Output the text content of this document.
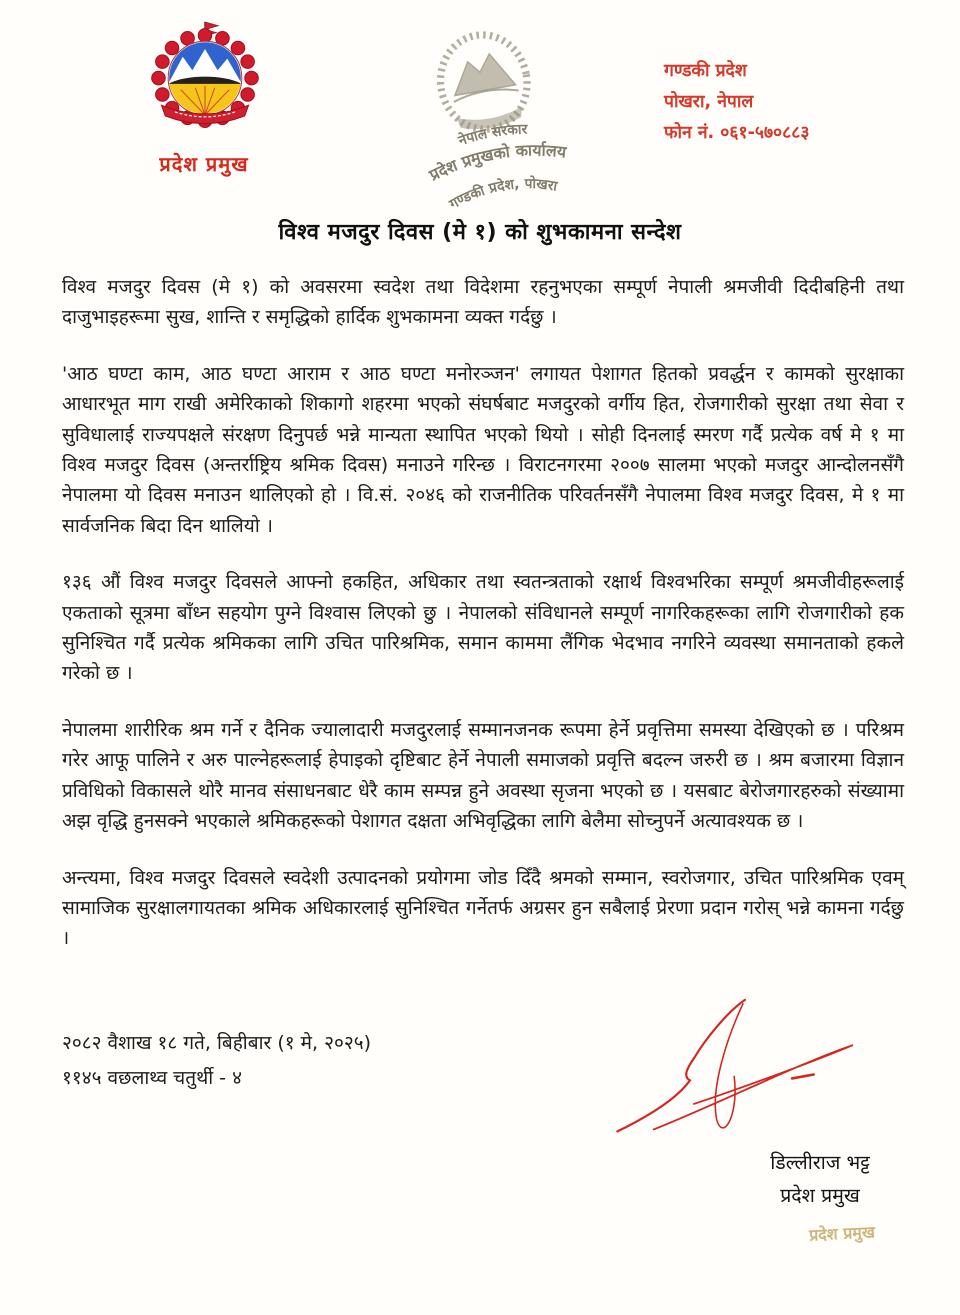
प्रदेश प्रमुख
नेपाल सरकार
प्रदेश प्रमुखको कार्यालय
गण्डकी प्रदेश, पोखरा
गण्डकी प्रदेश
पोखरा, नेपाल
फोन नं. ०६१-५७०८८३
विश्व मजदुर दिवस (मे १) को शुभकामना सन्देश

विश्व मजदुर दिवस (मे १) को अवसरमा स्वदेश तथा विदेशमा रहनुभएका सम्पूर्ण नेपाली श्रमजीवी दिदीबहिनी तथा दाजुभाइहरूमा सुख, शान्ति र समृद्धिको हार्दिक शुभकामना व्यक्त गर्दछु ।

'आठ घण्टा काम, आठ घण्टा आराम र आठ घण्टा मनोरञ्जन' लगायत पेशागत हितको प्रवर्द्धन र कामको सुरक्षाका आधारभूत माग राखी अमेरिकाको शिकागो शहरमा भएको संघर्षबाट मजदुरको वर्गीय हित, रोजगारीको सुरक्षा तथा सेवा र सुविधालाई राज्यपक्षले संरक्षण दिनुपर्छ भन्ने मान्यता स्थापित भएको थियो । सोही दिनलाई स्मरण गर्दै प्रत्येक वर्ष मे १ मा विश्व मजदुर दिवस (अन्तर्राष्ट्रिय श्रमिक दिवस) मनाउने गरिन्छ । विराटनगरमा २००७ सालमा भएको मजदुर आन्दोलनसँगै नेपालमा यो दिवस मनाउन थालिएको हो । वि.सं. २०४६ को राजनीतिक परिवर्तनसँगै नेपालमा विश्व मजदुर दिवस, मे १ मा सार्वजनिक बिदा दिन थालियो ।

१३६ औं विश्व मजदुर दिवसले आफ्नो हकहित, अधिकार तथा स्वतन्त्रताको रक्षार्थ विश्वभरिका सम्पूर्ण श्रमजीवीहरूलाई एकताको सूत्रमा बाँध्न सहयोग पुग्ने विश्वास लिएको छु । नेपालको संविधानले सम्पूर्ण नागरिकहरूका लागि रोजगारीको हक सुनिश्चित गर्दै प्रत्येक श्रमिकका लागि उचित पारिश्रमिक, समान काममा लैंगिक भेदभाव नगरिने व्यवस्था समानताको हकले गरेको छ ।

नेपालमा शारीरिक श्रम गर्ने र दैनिक ज्यालादारी मजदुरलाई सम्मानजनक रूपमा हेर्ने प्रवृत्तिमा समस्या देखिएको छ । परिश्रम गरेर आफू पालिने र अरु पाल्नेहरूलाई हेपाइको दृष्टिबाट हेर्ने नेपाली समाजको प्रवृत्ति बदल्न जरुरी छ । श्रम बजारमा विज्ञान प्रविधिको विकासले थोरै मानव संसाधनबाट धेरै काम सम्पन्न हुने अवस्था सृजना भएको छ । यसबाट बेरोजगारहरुको संख्यामा अझ वृद्धि हुनसक्ने भएकाले श्रमिकहरूको पेशागत दक्षता अभिवृद्धिका लागि बेलैमा सोच्नुपर्ने अत्यावश्यक छ ।

अन्त्यमा, विश्व मजदुर दिवसले स्वदेशी उत्पादनको प्रयोगमा जोड दिँदै श्रमको सम्मान, स्वरोजगार, उचित पारिश्रमिक एवम् सामाजिक सुरक्षालगायतका श्रमिक अधिकारलाई सुनिश्चित गर्नेतर्फ अग्रसर हुन सबैलाई प्रेरणा प्रदान गरोस् भन्ने कामना गर्दछु ।

२०८२ वैशाख १८ गते, बिहीबार (१ मे, २०२५)
११४५ वछलाथ्व चतुर्थी - ४
डिल्लीराज भट्ट
प्रदेश प्रमुख
प्रदेश प्रमुख
